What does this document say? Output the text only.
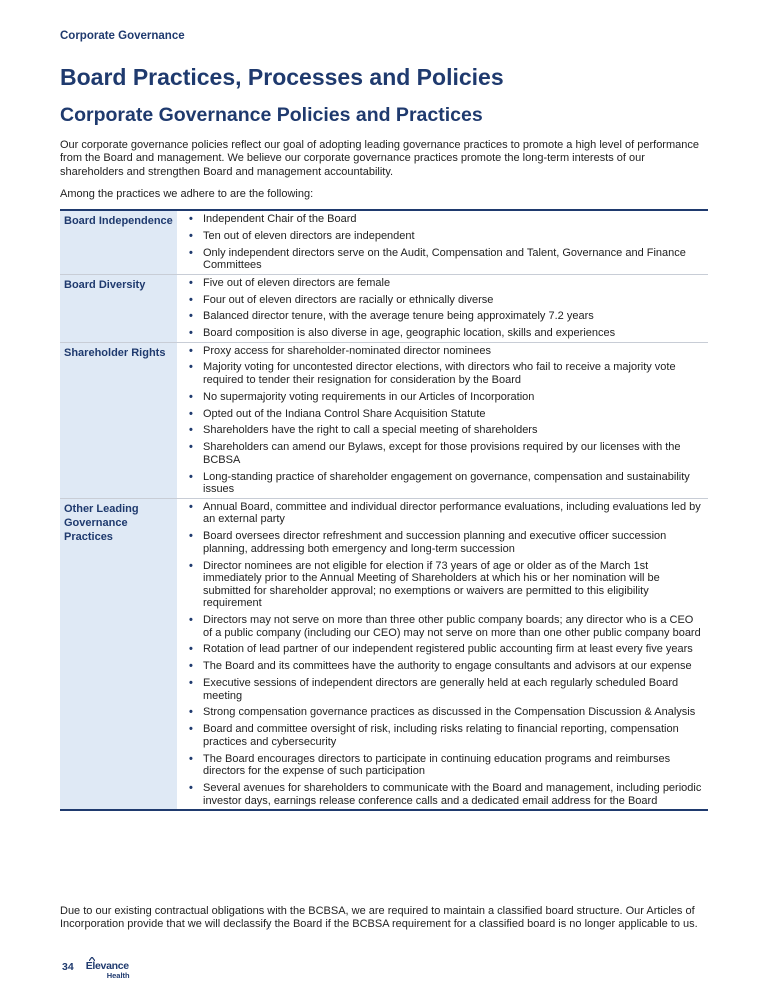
Corporate Governance
Board Practices, Processes and Policies
Corporate Governance Policies and Practices

Our corporate governance policies reflect our goal of adopting leading governance practices to promote a high level of performance from the Board and management. We believe our corporate governance practices promote the long-term interests of our shareholders and strengthen Board and management accountability.

Among the practices we adhere to are the following:

Board Independence	• Independent Chair of the Board
• Ten out of eleven directors are independent
• Only independent directors serve on the Audit, Compensation and Talent, Governance and Finance Committees
Board Diversity	• Five out of eleven directors are female
• Four out of eleven directors are racially or ethnically diverse
• Balanced director tenure, with the average tenure being approximately 7.2 years
• Board composition is also diverse in age, geographic location, skills and experiences
Shareholder Rights	• Proxy access for shareholder-nominated director nominees
• Majority voting for uncontested director elections, with directors who fail to receive a majority vote required to tender their resignation for consideration by the Board
• No supermajority voting requirements in our Articles of Incorporation
• Opted out of the Indiana Control Share Acquisition Statute
• Shareholders have the right to call a special meeting of shareholders
• Shareholders can amend our Bylaws, except for those provisions required by our licenses with the BCBSA
• Long-standing practice of shareholder engagement on governance, compensation and sustainability issues
Other Leading Governance Practices
• Annual Board, committee and individual director performance evaluations, including evaluations led by an external party
• Board oversees director refreshment and succession planning and executive officer succession planning, addressing both emergency and long-term succession
• Director nominees are not eligible for election if 73 years of age or older as of the March 1st immediately prior to the Annual Meeting of Shareholders at which his or her nomination will be submitted for shareholder approval; no exemptions or waivers are permitted to this eligibility requirement
• Directors may not serve on more than three other public company boards; any director who is a CEO of a public company (including our CEO) may not serve on more than one other public company board
• Rotation of lead partner of our independent registered public accounting firm at least every five years
• The Board and its committees have the authority to engage consultants and advisors at our expense
• Executive sessions of independent directors are generally held at each regularly scheduled Board meeting
• Strong compensation governance practices as discussed in the Compensation Discussion & Analysis
• Board and committee oversight of risk, including risks relating to financial reporting, compensation practices and cybersecurity
• The Board encourages directors to participate in continuing education programs and reimburses directors for the expense of such participation
• Several avenues for shareholders to communicate with the Board and management, including periodic investor days, earnings release conference calls and a dedicated email address for the Board

Due to our existing contractual obligations with the BCBSA, we are required to maintain a classified board structure. Our Articles of Incorporation provide that we will declassify the Board if the BCBSA requirement for a classified board is no longer applicable to us.

34 Elevance
Health
